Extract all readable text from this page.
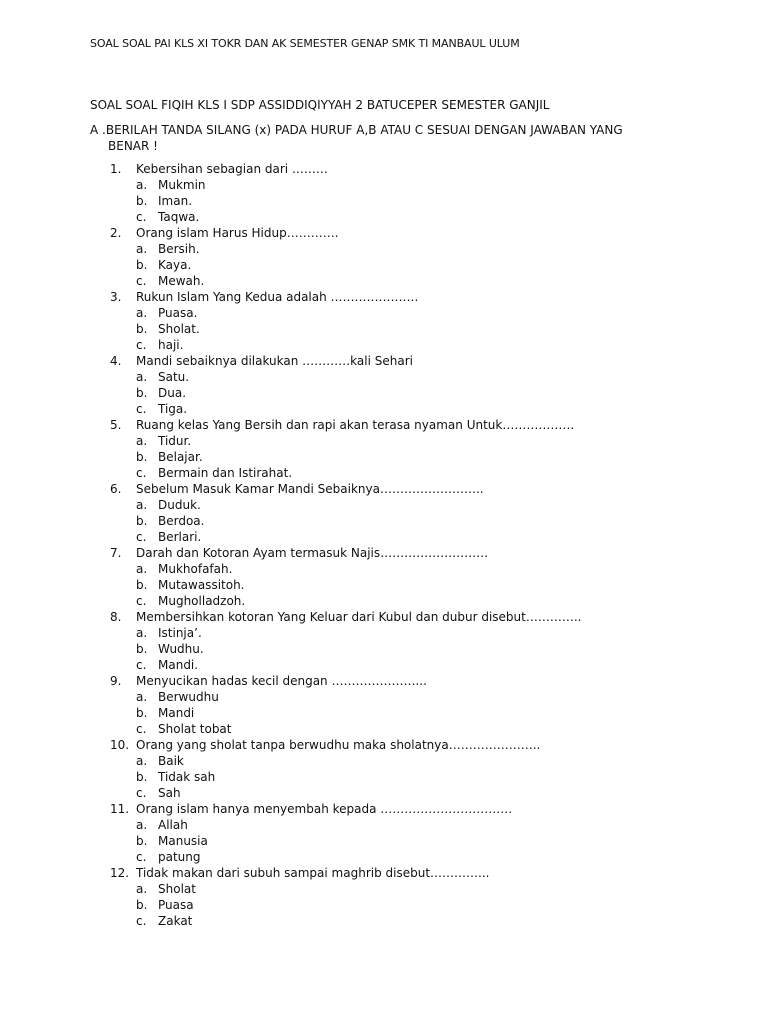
SOAL SOAL PAI KLS XI TOKR DAN AK SEMESTER GENAP SMK TI MANBAUL ULUM
SOAL SOAL FIQIH KLS I SDP ASSIDDIQIYYAH 2 BATUCEPER SEMESTER GANJIL
A .BERILAH TANDA SILANG (x) PADA HURUF A,B ATAU C SESUAI DENGAN JAWABAN YANG
BENAR !
1.	Kebersihan sebagian dari ………
a. Mukmin
b. Iman.
c. Taqwa.
2.	Orang islam Harus Hidup………….
a. Bersih.
b. Kaya.
c. Mewah.
3.	Rukun Islam Yang Kedua adalah ………………….
a. Puasa.
b. Sholat.
c. haji.
4.	Mandi sebaiknya dilakukan …………kali Sehari
a. Satu.
b. Dua.
c. Tiga.
5.	Ruang kelas Yang Bersih dan rapi akan terasa nyaman Untuk………………
a. Tidur.
b. Belajar.
c. Bermain dan Istirahat.
6.	Sebelum Masuk Kamar Mandi Sebaiknya……………………..
a. Duduk.
b. Berdoa.
c. Berlari.
7.	Darah dan Kotoran Ayam termasuk Najis………………………
a. Mukhofafah.
b. Mutawassitoh.
c. Mugholladzoh.
8.	Membersihkan kotoran Yang Keluar dari Kubul dan dubur disebut…………..
a. Istinja’.
b. Wudhu.
c. Mandi.
9.	Menyucikan hadas kecil dengan …………………...
a. Berwudhu
b. Mandi
c. Sholat tobat
10. Orang yang sholat tanpa berwudhu maka sholatnya…………………..
a. Baik
b. Tidak sah
c. Sah
11. Orang islam hanya menyembah kepada ……………………………
a. Allah
b. Manusia
c. patung
12. Tidak makan dari subuh sampai maghrib disebut…………...
a. Sholat
b. Puasa
c. Zakat
